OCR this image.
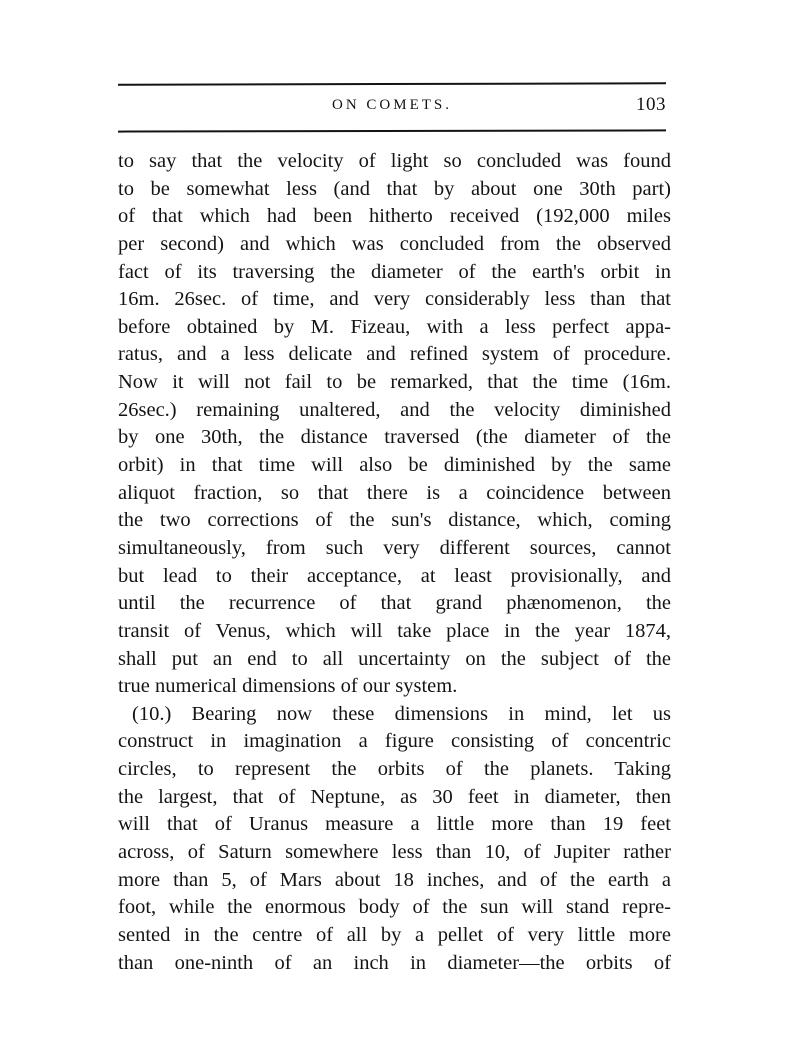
ON COMETS.	103
to say that the velocity of light so concluded was found
to be somewhat less (and that by about one 30th part)
of that which had been hitherto received (192,000 miles
per second) and which was concluded from the observed
fact of its traversing the diameter of the earth's orbit in
16m. 26sec. of time, and very considerably less than that
before obtained by M. Fizeau, with a less perfect appa-
ratus, and a less delicate and refined system of procedure.
Now it will not fail to be remarked, that the time (16m.
26sec.) remaining unaltered, and the velocity diminished
by one 30th, the distance traversed (the diameter of the
orbit) in that time will also be diminished by the same
aliquot fraction, so that there is a coincidence between
the two corrections of the sun's distance, which, coming
simultaneously, from such very different sources, cannot
but lead to their acceptance, at least provisionally, and
until the recurrence of that grand phænomenon, the
transit of Venus, which will take place in the year 1874,
shall put an end to all uncertainty on the subject of the
true numerical dimensions of our system.
(10.) Bearing now these dimensions in mind, let us
construct in imagination a figure consisting of concentric
circles, to represent the orbits of the planets. Taking
the largest, that of Neptune, as 30 feet in diameter, then
will that of Uranus measure a little more than 19 feet
across, of Saturn somewhere less than 10, of Jupiter rather
more than 5, of Mars about 18 inches, and of the earth a
foot, while the enormous body of the sun will stand repre-
sented in the centre of all by a pellet of very little more
than one-ninth of an inch in diameter—the orbits of
